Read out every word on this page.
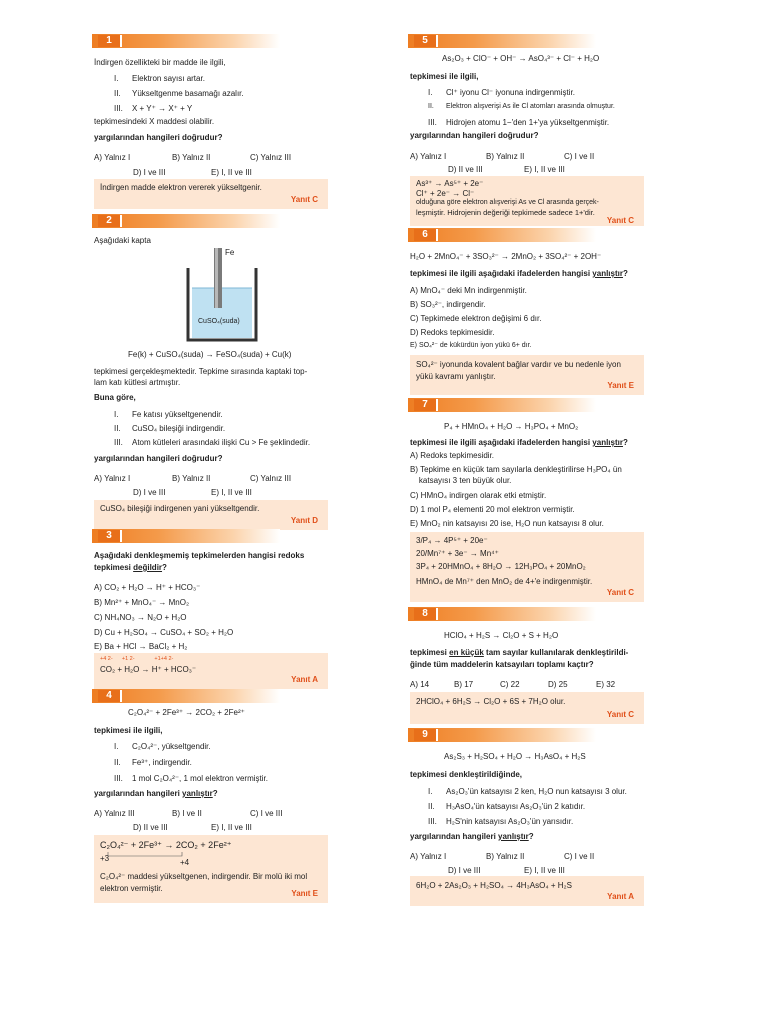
1
İndirgen özellikteki bir madde ile ilgili,
I. Elektron sayısı artar.
II. Yükseltgenme basamağı azalır.
III. X + Y⁺ → X⁺ + Y
tepkimesindeki X maddesi olabilir.
yargılarından hangileri doğrudur?
A) Yalnız I	B) Yalnız II	C) Yalnız III
D) I ve III	E) I, II ve III
İndirgen madde elektron vererek yükseltgenir.
Yanıt C
2
Aşağıdaki kapta
Fe
CuSO₄(suda)
Fe(k) + CuSO₄(suda) → FeSO₄(suda) + Cu(k)
tepkimesi gerçekleşmektedir. Tepkime sırasında kaptaki top-
lam katı kütlesi artmıştır.
Buna göre,
I. Fe katısı yükseltgenendir.
II. CuSO₄ bileşiği indirgendir.
III. Atom kütleleri arasındaki ilişki Cu > Fe şeklindedir.
yargılarından hangileri doğrudur?
A) Yalnız I	B) Yalnız II	C) Yalnız III
D) I ve III	E) I, II ve III
CuSO₄ bileşiği indirgenen yani yükseltgendir.
Yanıt D
3
Aşağıdaki denkleşmemiş tepkimelerden hangisi redoks
tepkimesi değildir?
A) CO₂ + H₂O → H⁺ + HCO₃⁻
B) Mn²⁺ + MnO₄⁻ → MnO₂
C) NH₄NO₃ → N₂O + H₂O
D) Cu + H₂SO₄ → CuSO₄ + SO₂ + H₂O
E) Ba + HCl → BaCl₂ + H₂
+4 2-      +1 2-             +1+4 2-
CO₂ + H₂O → H⁺ + HCO₃⁻
Yanıt A
4
C₂O₄²⁻ + 2Fe³⁺ → 2CO₂ + 2Fe²⁺
tepkimesi ile ilgili,
I. C₂O₄²⁻, yükseltgendir.
II. Fe³⁺, indirgendir.
III. 1 mol C₂O₄²⁻, 1 mol elektron vermiştir.
yargılarından hangileri yanlıştır?
A) Yalnız III	B) I ve II	C) I ve III
D) II ve III	E) I, II ve III
C₂O₄²⁻ + 2Fe³⁺ → 2CO₂ + 2Fe²⁺
+3	+4
C₂O₄²⁻ maddesi yükseltgenen, indirgendir. Bir molü iki mol
elektron vermiştir.
Yanıt E
5
As₂O₃ + ClO⁻ + OH⁻ → AsO₄³⁻ + Cl⁻ + H₂O
tepkimesi ile ilgili,
I. Cl⁺ iyonu Cl⁻ iyonuna indirgenmiştir.
II. Elektron alışverişi As ile Cl atomları arasında olmuştur.
III. Hidrojen atomu 1−'den 1+'ya yükseltgenmiştir.
yargılarından hangileri doğrudur?
A) Yalnız I	B) Yalnız II	C) I ve II
D) II ve III	E) I, II ve III
As³⁺ → As⁵⁺ + 2e⁻
Cl⁺ + 2e⁻ → Cl⁻
olduğuna göre elektron alışverişi As ve Cl arasında gerçek-
leşmiştir. Hidrojenin değeriği tepkimede sadece 1+'dir.
Yanıt C
6
H₂O + 2MnO₄⁻ + 3SO₃²⁻ → 2MnO₂ + 3SO₄²⁻ + 2OH⁻
tepkimesi ile ilgili aşağıdaki ifadelerden hangisi yanlıştır?
A) MnO₄⁻ deki Mn indirgenmiştir.
B) SO₃²⁻, indirgendir.
C) Tepkimede elektron değişimi 6 dır.
D) Redoks tepkimesidir.
E) SO₄²⁻ de kükürdün iyon yükü 6+ dır.
SO₄²⁻ iyonunda kovalent bağlar vardır ve bu nedenle iyon
yükü kavramı yanlıştır.
Yanıt E
7
P₄ + HMnO₄ + H₂O → H₃PO₄ + MnO₂
tepkimesi ile ilgili aşağıdaki ifadelerden hangisi yanlıştır?
A) Redoks tepkimesidir.
B) Tepkime en küçük tam sayılarla denkleştirilirse H₃PO₄ ün
katsayısı 3 ten büyük olur.
C) HMnO₄ indirgen olarak etki etmiştir.
D) 1 mol P₄ elementi 20 mol elektron vermiştir.
E) MnO₂ nin katsayısı 20 ise, H₂O nun katsayısı 8 olur.
3/P₄ → 4P⁵⁺ + 20e⁻
20/Mn⁷⁺ + 3e⁻ → Mn⁴⁺
3P₄ + 20HMnO₄ + 8H₂O → 12H₃PO₄ + 20MnO₂
HMnO₄ de Mn⁷⁺ den MnO₂ de 4+'e indirgenmiştir.
Yanıt C
8
HClO₄ + H₂S → Cl₂O + S + H₂O
tepkimesi en küçük tam sayılar kullanılarak denkleştirildi-
ğinde tüm maddelerin katsayıları toplamı kaçtır?
A) 14	B) 17	C) 22	D) 25	E) 32
2HClO₄ + 6H₂S → Cl₂O + 6S + 7H₂O olur.
Yanıt C
9
As₂S₃ + H₂SO₄ + H₂O → H₃AsO₄ + H₂S
tepkimesi denkleştirildiğinde,
I. As₂O₃'ün katsayısı 2 ken, H₂O nun katsayısı 3 olur.
II. H₃AsO₄'ün katsayısı As₂O₃'ün 2 katıdır.
III. H₂S'nin katsayısı As₂O₃'ün yarısıdır.
yargılarından hangileri yanlıştır?
A) Yalnız I	B) Yalnız II	C) I ve II
D) I ve III	E) I, II ve III
6H₂O + 2As₂O₃ + H₂SO₄ → 4H₃AsO₄ + H₂S
Yanıt A
